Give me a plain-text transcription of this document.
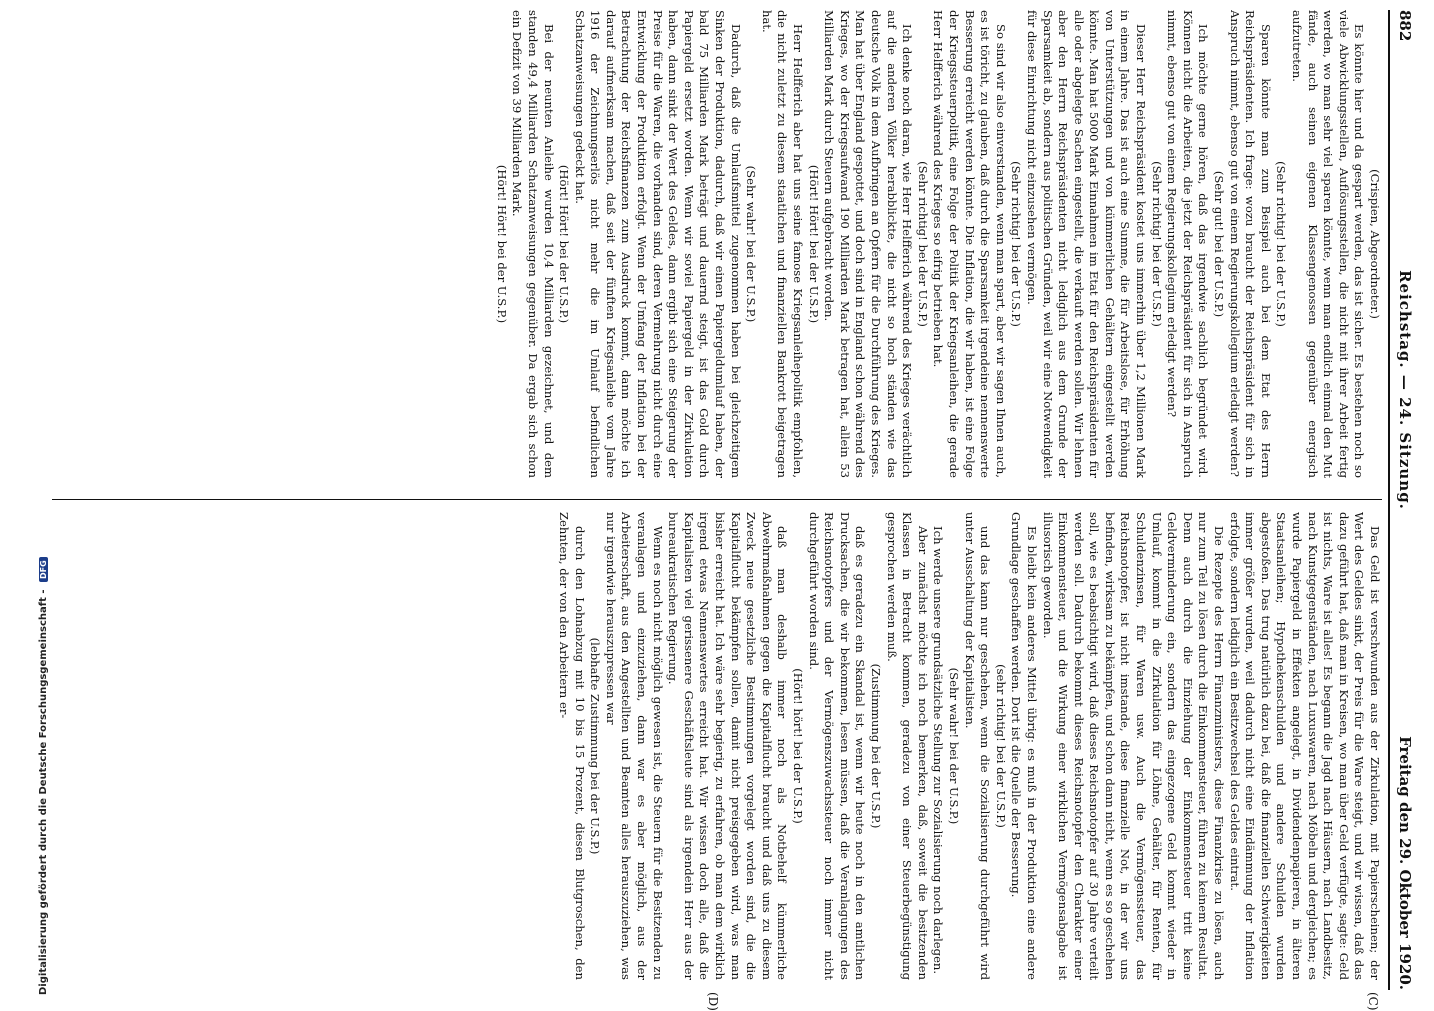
882
Reichstag. — 24. Sitzung.
Freitag den 29. Oktober 1920.
(C)
(D)

(Crispien, Abgeordneter.)

Es könnte hier und da gespart werden, das ist sicher. Es bestehen noch so viele Abwicklungsstellen, Auflösungsstellen, die nicht mit ihrer Arbeit fertig werden, wo man sehr viel sparen könnte, wenn man endlich einmal den Mut fände, auch seinen eigenen Klassengenossen gegenüber energisch aufzutreten.

(Sehr richtig! bei der U.S.P.)

Sparen könnte man zum Beispiel auch bei dem Etat des Herrn Reichspräsidenten. Ich frage: wozu braucht der Reichspräsident für sich in Anspruch nimmt, ebenso gut von einem Regierungskollegium erledigt werden?

(Sehr gut! bei der U.S.P.)

Ich möchte gerne hören, daß das irgendwie sachlich begründet wird. Können nicht die Arbeiten, die jetzt der Reichspräsident für sich in Anspruch nimmt, ebenso gut von einem Regierungskollegium erledigt werden?

(Sehr richtig! bei der U.S.P.)

Dieser Herr Reichspräsident kostet uns immerhin über 1,2 Millionen Mark in einem Jahre. Das ist auch eine Summe, die für Arbeitslose, für Erhöhung von Unterstützungen und von kümmerlichen Gehältern eingestellt werden könnte. Man hat 5000 Mark Einnahmen im Etat für den Reichspräsidenten für alle oder abgelegte Sachen eingestellt, die verkauft werden sollen. Wir lehnen aber den Herrn Reichspräsidenten nicht lediglich aus dem Grunde der Sparsamkeit ab, sondern aus politischen Gründen, weil wir eine Notwendigkeit für diese Einrichtung nicht einzusehen vermögen.

(Sehr richtig! bei der U.S.P.)

So sind wir also einverstanden, wenn man spart, aber wir sagen Ihnen auch, es ist töricht, zu glauben, daß durch die Sparsamkeit irgendeine nennenswerte Besserung erreicht werden könnte. Die Inflation, die wir haben, ist eine Folge der Kriegssteuerpolitik, eine Folge der Politik der Kriegsanleihen, die gerade Herr Helfferich während des Krieges so eifrig betrieben hat.

(Sehr richtig! bei der U.S.P.)

Ich denke noch daran, wie Herr Helfferich während des Krieges verächtlich auf die anderen Völker herabblickte, die nicht so hoch ständen wie das deutsche Volk in dem Aufbringen an Opfern für die Durchführung des Krieges. Man hat über England gespottet, und doch sind in England schon während des Krieges, wo der Kriegsaufwand 190 Milliarden Mark betragen hat, allein 53 Milliarden Mark durch Steuern aufgebracht worden.

(Hört! Hört! bei der U.S.P.)

Herr Helfferich aber hat uns seine famose Kriegsanleihepolitik empfohlen, die nicht zuletzt zu diesem staatlichen und finanziellen Bankrott beigetragen hat.

(Sehr wahr! bei der U.S.P.)

Dadurch, daß die Umlaufsmittel zugenommen haben bei gleichzeitigem Sinken der Produktion, dadurch, daß wir einen Papiergeldumlauf haben, der bald 75 Milliarden Mark beträgt und dauernd steigt, ist das Gold durch Papiergeld ersetzt worden. Wenn wir soviel Papiergeld in der Zirkulation haben, dann sinkt der Wert des Geldes, dann ergibt sich eine Steigerung der Preise für die Waren, die vorhanden sind, deren Vermehrung nicht durch eine Entwicklung der Produktion erfolgt. Wenn der Umfang der Inflation bei der Betrachtung der Reichsfinanzen zum Ausdruck kommt, dann möchte ich darauf aufmerksam machen, daß seit der fünften Kriegsanleihe vom Jahre 1916 der Zeichnungserlös nicht mehr die im Umlauf befindlichen Schatzanweisungen gedeckt hat.

(Hört! Hört! bei der U.S.P.)

Bei der neunten Anleihe wurden 10,4 Milliarden gezeichnet, und dem standen 49,4 Milliarden Schatzanweisungen gegenüber. Da ergab sich schon ein Defizit von 39 Milliarden Mark.

(Hört! Hört! bei der U.S.P.)

Das Geld ist verschwunden aus der Zirkulation, mit Papierscheinen; der Wert des Geldes sinkt, der Preis für die Ware steigt, und wir wissen, daß das dazu geführt hat, daß man in Kreisen, wo man über Geld verfügte, sagte: Geld ist nichts, Ware ist alles! Es begann die Jagd nach Häusern, nach Landbesitz, nach Kunstgegenständen, nach Luxuswaren, nach Möbeln und dergleichen; es wurde Papiergeld in Effekten angelegt, in Dividendenpapieren, in älteren Staatsanleihen; Hypothekenschulden und andere Schulden wurden abgestoßen. Das trug natürlich dazu bei, daß die finanziellen Schwierigkeiten immer größer wurden, weil dadurch nicht eine Eindämmung der Inflation erfolgte, sondern lediglich ein Besitzwechsel des Geldes eintrat.

Die Rezepte des Herrn Finanzministers, diese Finanzkrise zu lösen, auch nur zum Teil zu lösen durch die Einkommensteuer, führen zu keinem Resultat. Denn auch durch die Einziehung der Einkommensteuer tritt keine Geldverminderung ein, sondern das eingezogene Geld kommt wieder in Umlauf, kommt in die Zirkulation für Löhne, Gehälter, für Renten, für Schuldenzinsen, für Waren usw. Auch die Vermögenssteuer, das Reichsnotopfer, ist nicht imstande, diese finanzielle Not, in der wir uns befinden, wirksam zu bekämpfen, und schon dann nicht, wenn es so geschehen soll, wie es beabsichtigt wird, daß dieses Reichsnotopfer auf 30 Jahre verteilt werden soll. Dadurch bekommt dieses Reichsnotopfer den Charakter einer Einkommensteuer, und die Wirkung einer wirklichen Vermögensabgabe ist illusorisch geworden.

Es bleibt kein anderes Mittel übrig: es muß in der Produktion eine andere Grundlage geschaffen werden. Dort ist die Quelle der Besserung.

(sehr richtig! bei der U.S.P.)

und das kann nur geschehen, wenn die Sozialisierung durchgeführt wird unter Ausschaltung der Kapitalisten.

(Sehr wahr! bei der U.S.P.)

Ich werde unsere grundsätzliche Stellung zur Sozialisierung noch darlegen.

Aber zunächst möchte ich noch bemerken, daß, soweit die besitzenden Klassen in Betracht kommen, geradezu von einer Steuerbegünstigung gesprochen werden muß.

(Zustimmung bei der U.S.P.)

daß es geradezu ein Skandal ist, wenn wir heute noch in den amtlichen Drucksachen, die wir bekommen, lesen müssen, daß die Veranlagungen des Reichsnotopfers und der Vermögenszuwachssteuer noch immer nicht durchgeführt worden sind.

(Hört! hört! bei der U.S.P.)

daß man deshalb immer noch als Notbehelf kümmerliche Abwehrmaßnahmen gegen die Kapitalflucht braucht und daß uns zu diesem Zweck neue gesetzliche Bestimmungen vorgelegt worden sind, die die Kapitalflucht bekämpfen sollen, damit nicht preisgegeben wird, was man bisher erreicht hat. Ich wäre sehr begierig, zu erfahren, ob man dem wirklich irgend etwas Nennenswertes erreicht hat. Wir wissen doch alle, daß die Kapitalisten viel gerissenere Geschäftsleute sind als irgendein Herr aus der bureaukratischen Regierung.

Wenn es noch nicht möglich gewesen ist, die Steuern für die Besitzenden zu veranlagen und einzuziehen, dann war es aber möglich, aus der Arbeiterschaft, aus den Angestellten und Beamten alles herauszuziehen, was nur irgendwie herauszupressen war

(lebhafte Zustimmung bei der U.S.P.)

durch den Lohnabzug mit 10 bis 15 Prozent, diesen Blutgroschen, den Zehnten, der von den Arbeitern er-

Digitalisierung gefördert durch die Deutsche Forschungsgemeinschaft - DFG
